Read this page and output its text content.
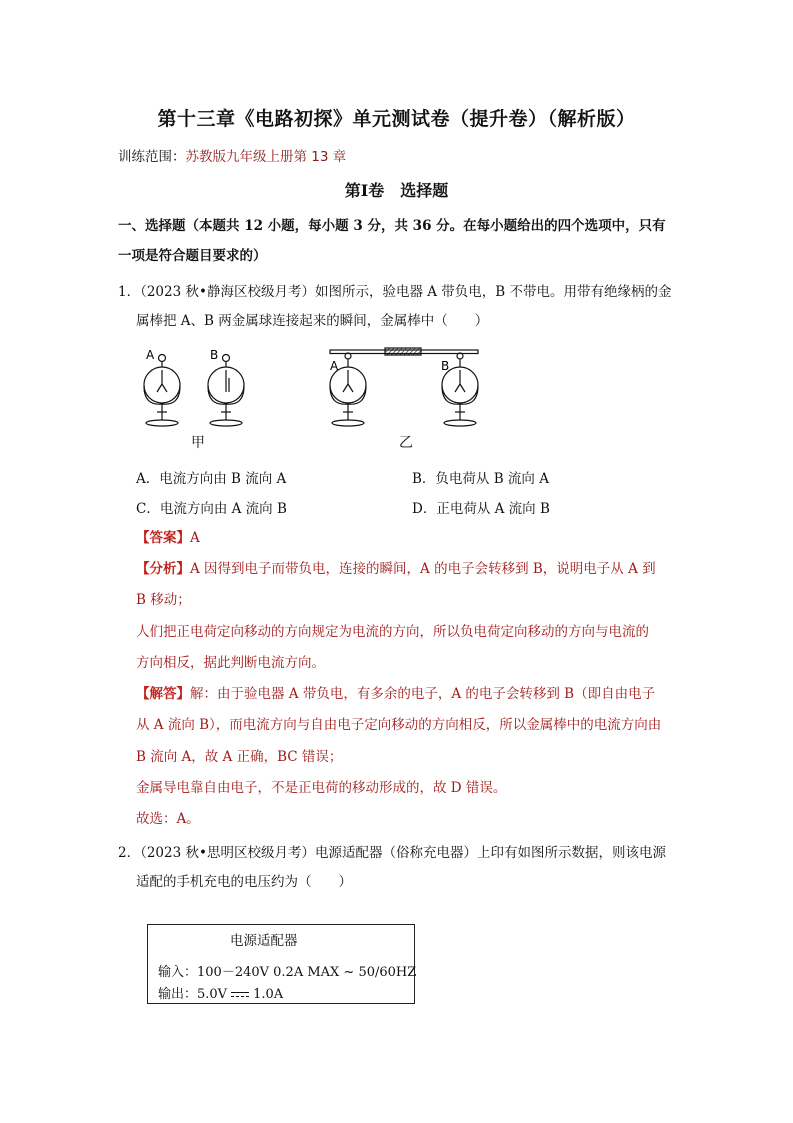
第十三章《电路初探》单元测试卷（提升卷）（解析版）
训练范围：苏教版九年级上册第 13 章
第Ⅰ卷 选择题
一、选择题（本题共 12 小题，每小题 3 分，共 36 分。在每小题给出的四个选项中，只有
一项是符合题目要求的）
1．（2023 秋•静海区校级月考）如图所示，验电器 A 带负电，B 不带电。用带有绝缘柄的金
属棒把 A、B 两金属球连接起来的瞬间，金属棒中（　　）
A	B
A	B
甲	乙
A．电流方向由 B 流向 A	B．负电荷从 B 流向 A
C．电流方向由 A 流向 B	D．正电荷从 A 流向 B
【答案】A
【分析】A 因得到电子而带负电，连接的瞬间，A 的电子会转移到 B，说明电子从 A 到
B 移动；
人们把正电荷定向移动的方向规定为电流的方向，所以负电荷定向移动的方向与电流的
方向相反，据此判断电流方向。
【解答】解：由于验电器 A 带负电，有多余的电子，A 的电子会转移到 B（即自由电子
从 A 流向 B），而电流方向与自由电子定向移动的方向相反，所以金属棒中的电流方向由
B 流向 A，故 A 正确，BC 错误；
金属导电靠自由电子，不是正电荷的移动形成的，故 D 错误。
故选：A。
2．（2023 秋•思明区校级月考）电源适配器（俗称充电器）上印有如图所示数据，则该电源
适配的手机充电的电压约为（　　）
电源适配器
输入：100－240V 0.2A MAX ~ 50/60HZ
输出：5.0V 1.0A
